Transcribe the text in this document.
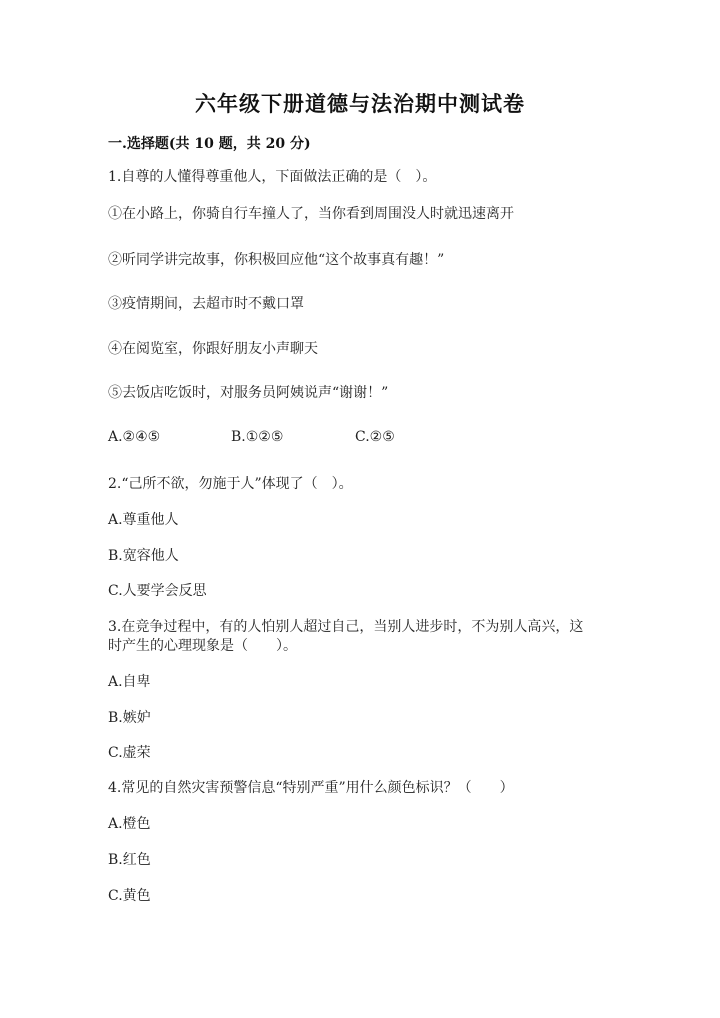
六年级下册道德与法治期中测试卷
一.选择题(共 10 题，共 20 分)
1.自尊的人懂得尊重他人，下面做法正确的是（　）。
①在小路上，你骑自行车撞人了，当你看到周围没人时就迅速离开
②听同学讲完故事，你积极回应他“这个故事真有趣！”
③疫情期间，去超市时不戴口罩
④在阅览室，你跟好朋友小声聊天
⑤去饭店吃饭时，对服务员阿姨说声“谢谢！”
A.②④⑤	B.①②⑤	C.②⑤
2.“己所不欲，勿施于人”体现了（　）。
A.尊重他人
B.宽容他人
C.人要学会反思
3.在竞争过程中，有的人怕别人超过自己，当别人进步时，不为别人高兴，这
时产生的心理现象是（　　）。
A.自卑
B.嫉妒
C.虚荣
4.常见的自然灾害预警信息“特别严重”用什么颜色标识？（　　）
A.橙色
B.红色
C.黄色
